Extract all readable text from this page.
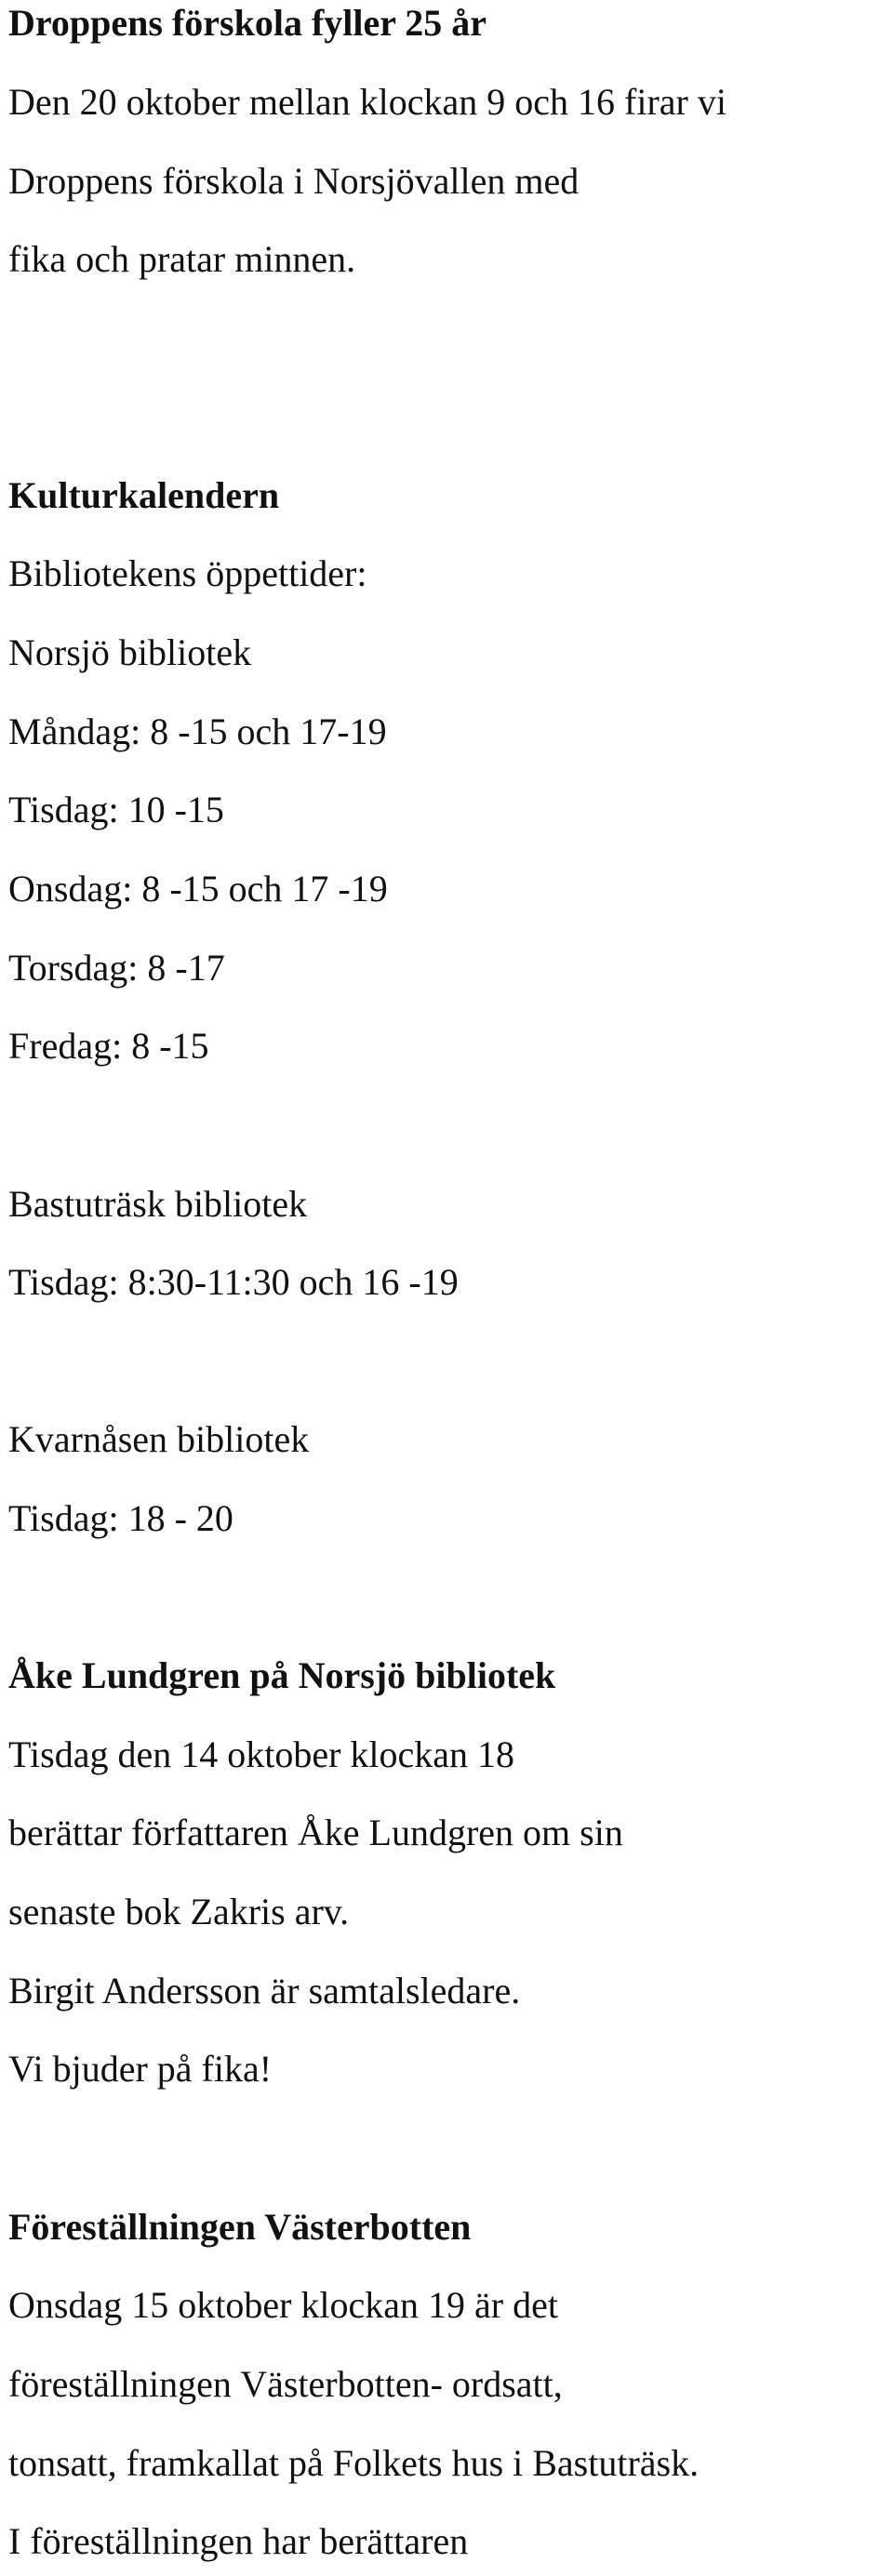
Droppens förskola fyller 25 år
Den 20 oktober mellan klockan 9 och 16 firar vi
Droppens förskola i Norsjövallen med
fika och pratar minnen.
Kulturkalendern
Bibliotekens öppettider:
Norsjö bibliotek
Måndag: 8 -15 och 17-19
Tisdag: 10 -15
Onsdag: 8 -15 och 17 -19
Torsdag: 8 -17
Fredag: 8 -15
Bastuträsk bibliotek
Tisdag: 8:30-11:30 och 16 -19
Kvarnåsen bibliotek
Tisdag: 18 - 20
Åke Lundgren på Norsjö bibliotek
Tisdag den 14 oktober klockan 18
berättar författaren Åke Lundgren om sin
senaste bok Zakris arv.
Birgit Andersson är samtalsledare.
Vi bjuder på fika!
Föreställningen Västerbotten
Onsdag 15 oktober klockan 19 är det
föreställningen Västerbotten- ordsatt,
tonsatt, framkallat på Folkets hus i Bastuträsk.
I föreställningen har berättaren
